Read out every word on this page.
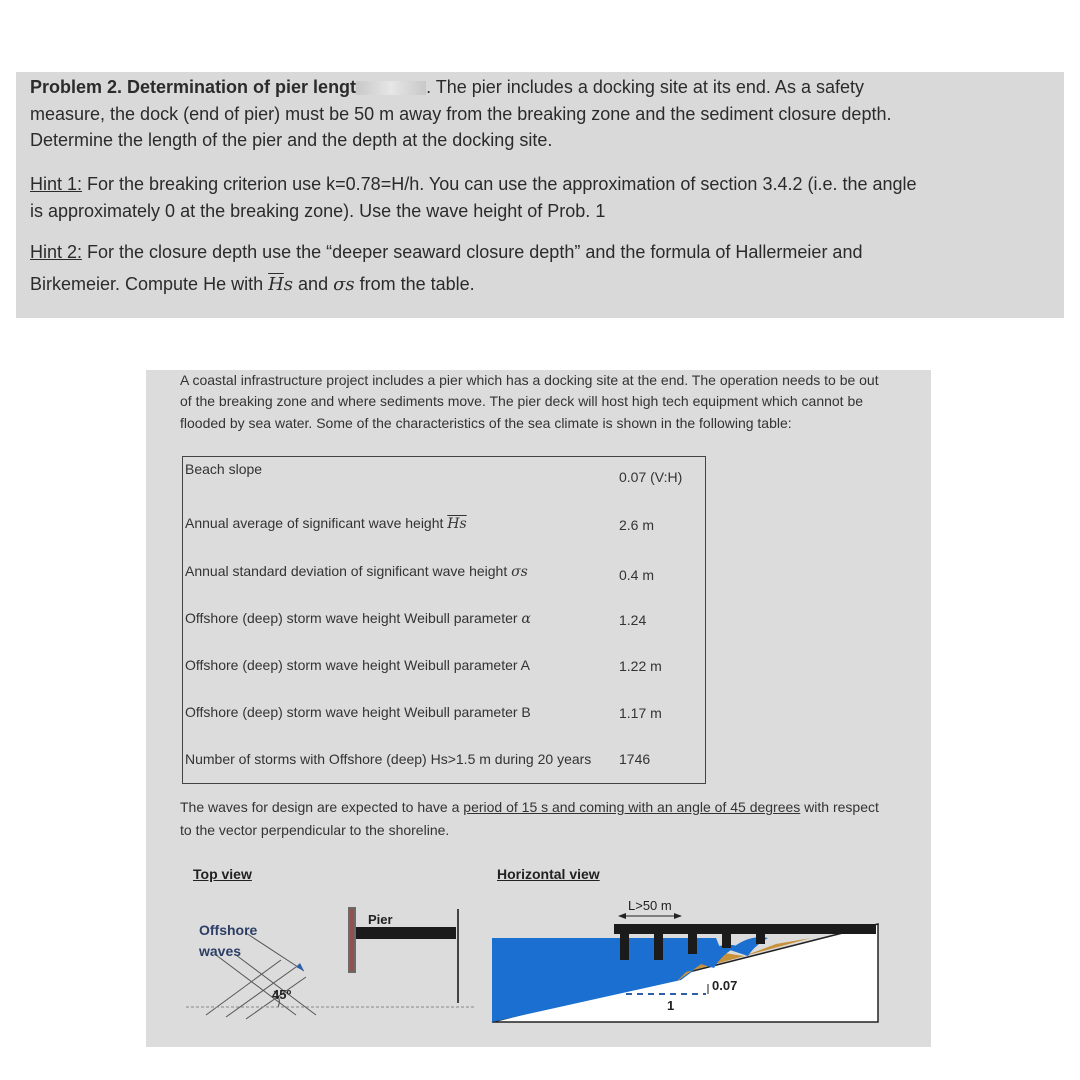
Problem 2. Determination of pier lengt	. The pier includes a docking site at its end. As a safety
measure, the dock (end of pier) must be 50 m away from the breaking zone and the sediment closure depth.
Determine the length of the pier and the depth at the docking site.
Hint 1: For the breaking criterion use k=0.78=H/h. You can use the approximation of section 3.4.2 (i.e. the angle
is approximately 0 at the breaking zone). Use the wave height of Prob. 1
Hint 2: For the closure depth use the “deeper seaward closure depth” and the formula of Hallermeier and
Birkemeier. Compute He with $\overline{H}s$ and σs from the table.
A coastal infrastructure project includes a pier which has a docking site at the end. The operation needs to be out
of the breaking zone and where sediments move. The pier deck will host high tech equipment which cannot be
flooded by sea water. Some of the characteristics of the sea climate is shown in the following table:
Beach slope	0.07 (V:H)
Annual average of significant wave height $\overline{Hs}$	2.6 m
Annual standard deviation of significant wave height σs	0.4 m
Offshore (deep) storm wave height Weibull parameter α	1.24
Offshore (deep) storm wave height Weibull parameter A	1.22 m
Offshore (deep) storm wave height Weibull parameter B	1.17 m
Number of storms with Offshore (deep) Hs>1.5 m during 20 years 1746
The waves for design are expected to have a period of 15 s and coming with an angle of 45 degrees with respect
to the vector perpendicular to the shoreline.
Top view
Offshore
waves
45º
Pier
Horizontal view
L>50 m
0.07
1
